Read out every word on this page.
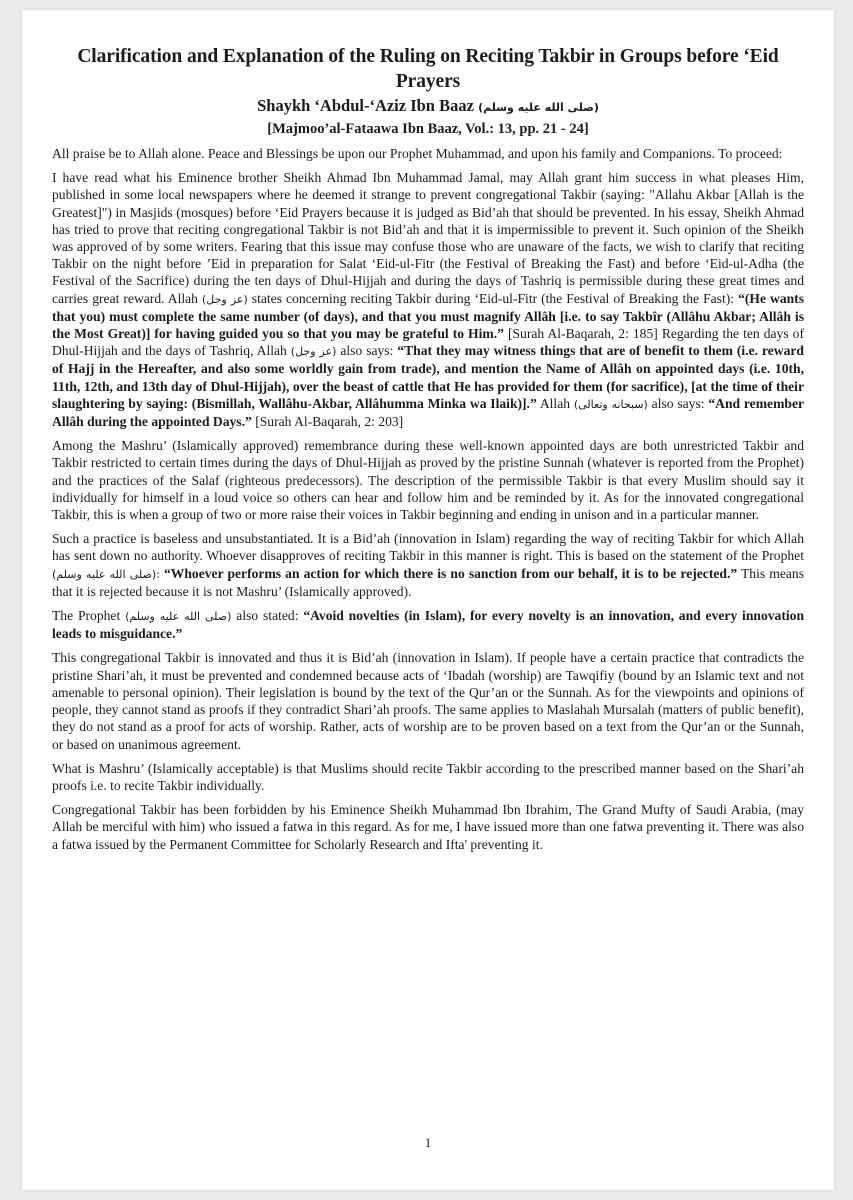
Clarification and Explanation of the Ruling on Reciting Takbir in Groups before ‘Eid Prayers
Shaykh ‘Abdul-‘Aziz Ibn Baaz (صلى الله عليه وسلم)
[Majmoo’al-Fataawa Ibn Baaz, Vol.: 13, pp. 21 - 24]

All praise be to Allah alone. Peace and Blessings be upon our Prophet Muhammad, and upon his family and Companions. To proceed:

I have read what his Eminence brother Sheikh Ahmad Ibn Muhammad Jamal, may Allah grant him success in what pleases Him, published in some local newspapers where he deemed it strange to prevent congregational Takbir (saying: "Allahu Akbar [Allah is the Greatest]") in Masjids (mosques) before ‘Eid Prayers because it is judged as Bid’ah that should be prevented. In his essay, Sheikh Ahmad has tried to prove that reciting congregational Takbir is not Bid’ah and that it is impermissible to prevent it. Such opinion of the Sheikh was approved of by some writers. Fearing that this issue may confuse those who are unaware of the facts, we wish to clarify that reciting Takbir on the night before ’Eid in preparation for Salat ‘Eid-ul-Fitr (the Festival of Breaking the Fast) and before ‘Eid-ul-Adha (the Festival of the Sacrifice) during the ten days of Dhul-Hijjah and during the days of Tashriq is permissible during these great times and carries great reward. Allah (عز وجل) states concerning reciting Takbir during ‘Eid-ul-Fitr (the Festival of Breaking the Fast): “(He wants that you) must complete the same number (of days), and that you must magnify Allâh [i.e. to say Takbîr (Allâhu Akbar; Allâh is the Most Great)] for having guided you so that you may be grateful to Him.” [Surah Al-Baqarah, 2: 185] Regarding the ten days of Dhul-Hijjah and the days of Tashriq, Allah (عز وجل) also says: “That they may witness things that are of benefit to them (i.e. reward of Hajj in the Hereafter, and also some worldly gain from trade), and mention the Name of Allâh on appointed days (i.e. 10th, 11th, 12th, and 13th day of Dhul-Hijjah), over the beast of cattle that He has provided for them (for sacrifice), [at the time of their slaughtering by saying: (Bismillah, Wallâhu-Akbar, Allâhumma Minka wa Ilaik)].” Allah (سبحانه وتعالى) also says: “And remember Allâh during the appointed Days.” [Surah Al-Baqarah, 2: 203]

Among the Mashru’ (Islamically approved) remembrance during these well-known appointed days are both unrestricted Takbir and Takbir restricted to certain times during the days of Dhul-Hijjah as proved by the pristine Sunnah (whatever is reported from the Prophet) and the practices of the Salaf (righteous predecessors). The description of the permissible Takbir is that every Muslim should say it individually for himself in a loud voice so others can hear and follow him and be reminded by it. As for the innovated congregational Takbir, this is when a group of two or more raise their voices in Takbir beginning and ending in unison and in a particular manner.

Such a practice is baseless and unsubstantiated. It is a Bid’ah (innovation in Islam) regarding the way of reciting Takbir for which Allah has sent down no authority. Whoever disapproves of reciting Takbir in this manner is right. This is based on the statement of the Prophet (صلى الله عليه وسلم): “Whoever performs an action for which there is no sanction from our behalf, it is to be rejected.” This means that it is rejected because it is not Mashru’ (Islamically approved).

The Prophet (صلى الله عليه وسلم) also stated: “Avoid novelties (in Islam), for every novelty is an innovation, and every innovation leads to misguidance.”

This congregational Takbir is innovated and thus it is Bid’ah (innovation in Islam). If people have a certain practice that contradicts the pristine Shari’ah, it must be prevented and condemned because acts of ‘Ibadah (worship) are Tawqifiy (bound by an Islamic text and not amenable to personal opinion). Their legislation is bound by the text of the Qur’an or the Sunnah. As for the viewpoints and opinions of people, they cannot stand as proofs if they contradict Shari’ah proofs. The same applies to Maslahah Mursalah (matters of public benefit), they do not stand as a proof for acts of worship. Rather, acts of worship are to be proven based on a text from the Qur’an or the Sunnah, or based on unanimous agreement.

What is Mashru’ (Islamically acceptable) is that Muslims should recite Takbir according to the prescribed manner based on the Shari’ah proofs i.e. to recite Takbir individually.

Congregational Takbir has been forbidden by his Eminence Sheikh Muhammad Ibn Ibrahim, The Grand Mufty of Saudi Arabia, (may Allah be merciful with him) who issued a fatwa in this regard. As for me, I have issued more than one fatwa preventing it. There was also a fatwa issued by the Permanent Committee for Scholarly Research and Ifta' preventing it.

1
